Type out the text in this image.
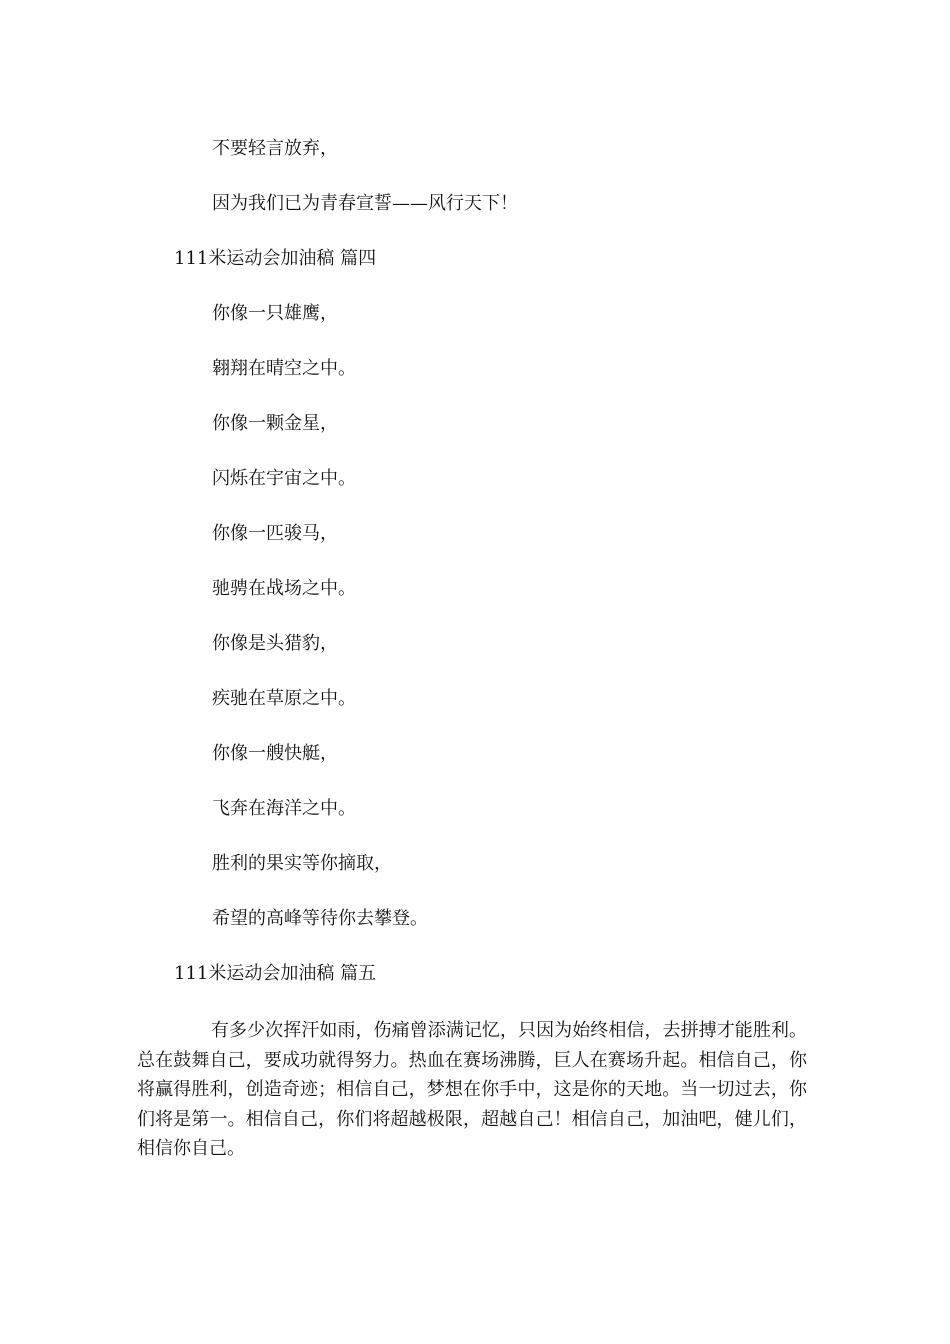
不要轻言放弃，
因为我们已为青春宣誓——风行天下！
111米运动会加油稿 篇四
你像一只雄鹰，
翱翔在晴空之中。
你像一颗金星，
闪烁在宇宙之中。
你像一匹骏马，
驰骋在战场之中。
你像是头猎豹，
疾驰在草原之中。
你像一艘快艇，
飞奔在海洋之中。
胜利的果实等你摘取，
希望的高峰等待你去攀登。
111米运动会加油稿 篇五
有多少次挥汗如雨，伤痛曾添满记忆，只因为始终相信，去拼搏才能胜利。总在鼓舞自己，要成功就得努力。热血在赛场沸腾，巨人在赛场升起。相信自己，你将赢得胜利，创造奇迹；相信自己，梦想在你手中，这是你的天地。当一切过去，你们将是第一。相信自己，你们将超越极限，超越自己！相信自己，加油吧，健儿们，相信你自己。
